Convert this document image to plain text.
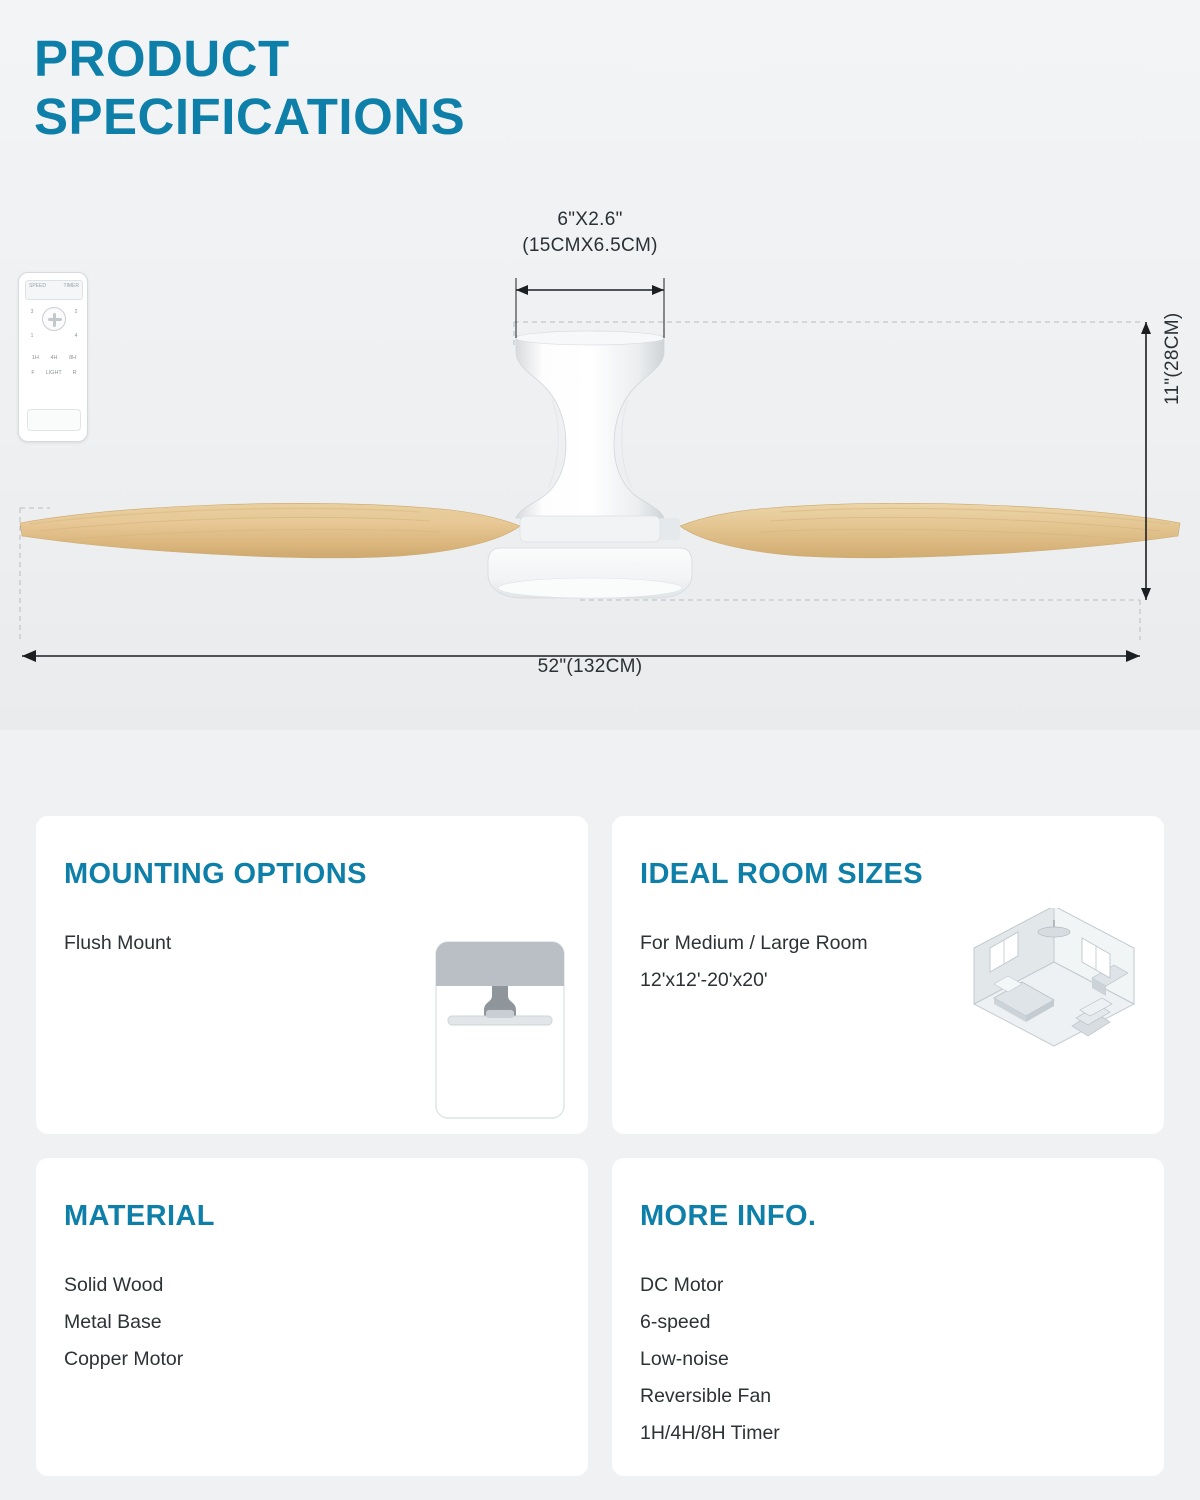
PRODUCT
SPECIFICATIONS
SPEED	TIMER
3	2
1	4
1H 4H 8H
F LIGHT R
6"X2.6"
(15CMX6.5CM)
52"(132CM)
11"(28CM)
MOUNTING OPTIONS
Flush Mount
IDEAL ROOM SIZES
For Medium / Large Room
12'x12'-20'x20'
MATERIAL
Solid Wood
Metal Base
Copper Motor
MORE INFO.
DC Motor
6-speed
Low-noise
Reversible Fan
1H/4H/8H Timer
